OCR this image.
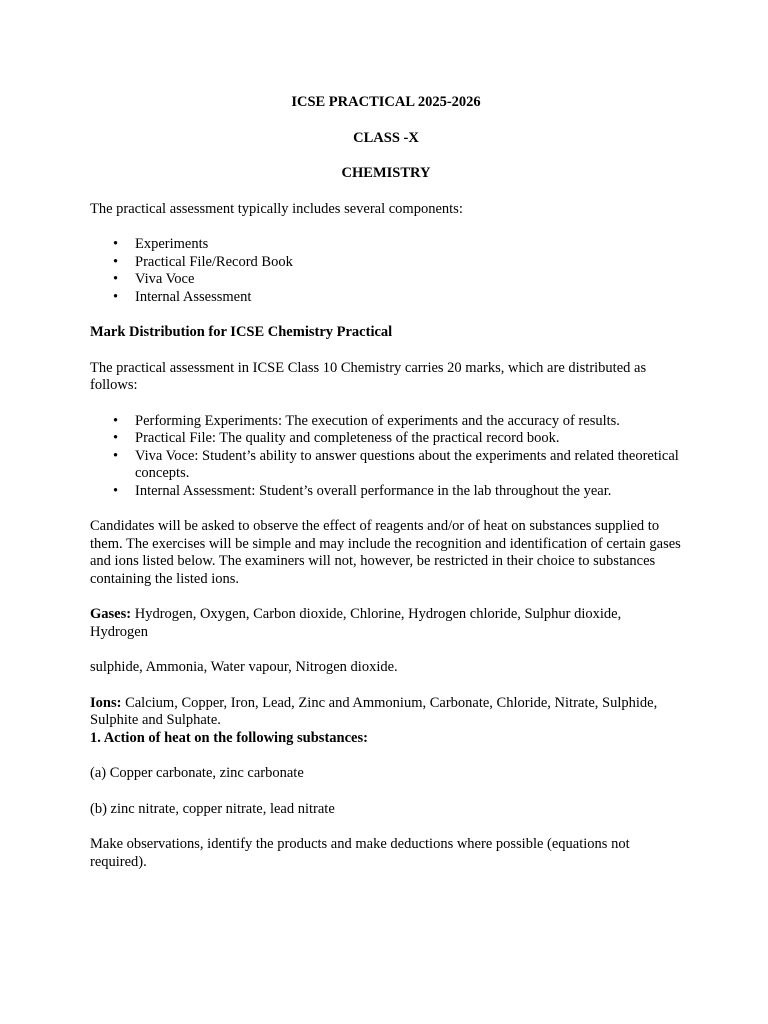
ICSE PRACTICAL 2025-2026

CLASS -X

CHEMISTRY

The practical assessment typically includes several components:

• Experiments
• Practical File/Record Book
• Viva Voce
• Internal Assessment

Mark Distribution for ICSE Chemistry Practical

The practical assessment in ICSE Class 10 Chemistry carries 20 marks, which are distributed as follows:

• Performing Experiments: The execution of experiments and the accuracy of results.
• Practical File: The quality and completeness of the practical record book.
• Viva Voce: Student’s ability to answer questions about the experiments and related theoretical concepts.
• Internal Assessment: Student’s overall performance in the lab throughout the year.

Candidates will be asked to observe the effect of reagents and/or of heat on substances supplied to them. The exercises will be simple and may include the recognition and identification of certain gases and ions listed below. The examiners will not, however, be restricted in their choice to substances containing the listed ions.

Gases: Hydrogen, Oxygen, Carbon dioxide, Chlorine, Hydrogen chloride, Sulphur dioxide, Hydrogen

sulphide, Ammonia, Water vapour, Nitrogen dioxide.

Ions: Calcium, Copper, Iron, Lead, Zinc and Ammonium, Carbonate, Chloride, Nitrate, Sulphide, Sulphite and Sulphate.

1. Action of heat on the following substances:

(a) Copper carbonate, zinc carbonate

(b) zinc nitrate, copper nitrate, lead nitrate

Make observations, identify the products and make deductions where possible (equations not required).
